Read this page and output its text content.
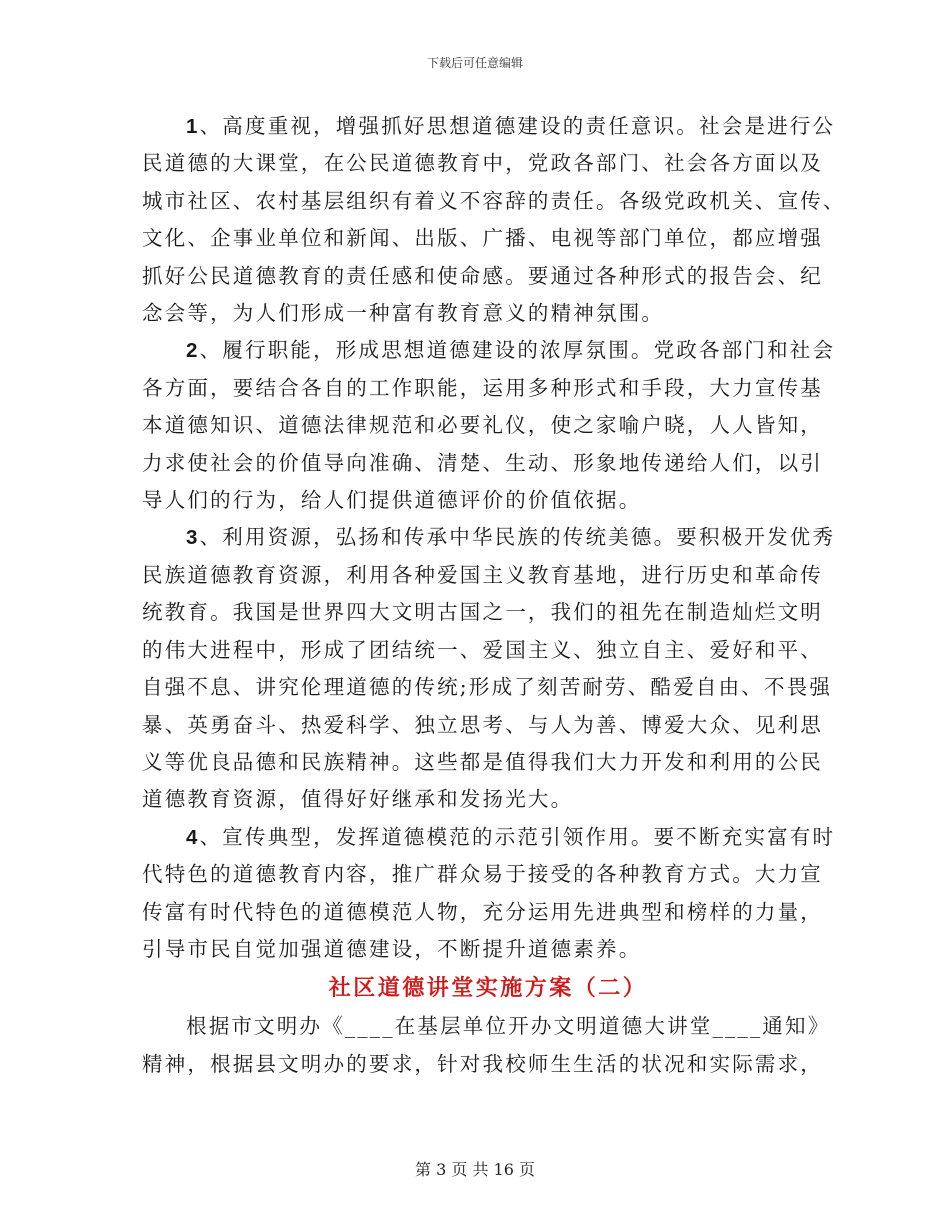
下载后可任意编辑

1、高度重视，增强抓好思想道德建设的责任意识。社会是进行公
民道德的大课堂，在公民道德教育中，党政各部门、社会各方面以及
城市社区、农村基层组织有着义不容辞的责任。各级党政机关、宣传、
文化、企事业单位和新闻、出版、广播、电视等部门单位，都应增强
抓好公民道德教育的责任感和使命感。要通过各种形式的报告会、纪
念会等，为人们形成一种富有教育意义的精神氛围。

2、履行职能，形成思想道德建设的浓厚氛围。党政各部门和社会
各方面，要结合各自的工作职能，运用多种形式和手段，大力宣传基
本道德知识、道德法律规范和必要礼仪，使之家喻户晓，人人皆知，
力求使社会的价值导向准确、清楚、生动、形象地传递给人们，以引
导人们的行为，给人们提供道德评价的价值依据。

3、利用资源，弘扬和传承中华民族的传统美德。要积极开发优秀
民族道德教育资源，利用各种爱国主义教育基地，进行历史和革命传
统教育。我国是世界四大文明古国之一，我们的祖先在制造灿烂文明
的伟大进程中，形成了团结统一、爱国主义、独立自主、爱好和平、
自强不息、讲究伦理道德的传统;形成了刻苦耐劳、酷爱自由、不畏强
暴、英勇奋斗、热爱科学、独立思考、与人为善、博爱大众、见利思
义等优良品德和民族精神。这些都是值得我们大力开发和利用的公民
道德教育资源，值得好好继承和发扬光大。

4、宣传典型，发挥道德模范的示范引领作用。要不断充实富有时
代特色的道德教育内容，推广群众易于接受的各种教育方式。大力宣
传富有时代特色的道德模范人物，充分运用先进典型和榜样的力量，
引导市民自觉加强道德建设，不断提升道德素养。

社区道德讲堂实施方案（二）

根据市文明办《____在基层单位开办文明道德大讲堂____通知》
精神，根据县文明办的要求，针对我校师生生活的状况和实际需求，

第 3 页 共 16 页
